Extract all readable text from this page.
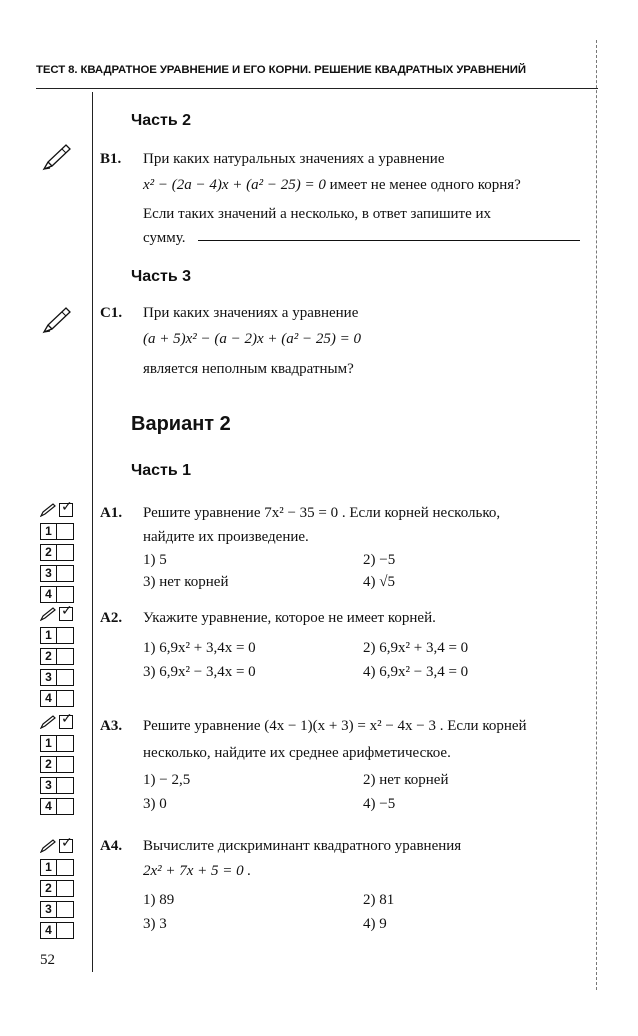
ТЕСТ 8. КВАДРАТНОЕ УРАВНЕНИЕ И ЕГО КОРНИ. РЕШЕНИЕ КВАДРАТНЫХ УРАВНЕНИЙ
Часть 2
B1. При каких натуральных значениях a уравнение
x² − (2a − 4)x + (a² − 25) = 0 имеет не менее одного корня?
Если таких значений a несколько, в ответ запишите их
сумму.
Часть 3
C1. При каких значениях a уравнение
(a + 5)x² − (a − 2)x + (a² − 25) = 0
является неполным квадратным?
Вариант 2
Часть 1
✓
1
2
3
4
A1. Решите уравнение 7x² − 35 = 0 . Если корней несколько,
найдите их произведение.
1) 5	2) −5
3) нет корней	4) √5
✓
1
2
3
4
A2. Укажите уравнение, которое не имеет корней.
1) 6,9x² + 3,4x = 0	2) 6,9x² + 3,4 = 0
3) 6,9x² − 3,4x = 0	4) 6,9x² − 3,4 = 0
✓
1
2
3
4
A3. Решите уравнение (4x − 1)(x + 3) = x² − 4x − 3 . Если корней
несколько, найдите их среднее арифметическое.
1) − 2,5	2) нет корней
3) 0	4) −5
✓
1
2
3
4
A4. Вычислите дискриминант квадратного уравнения
2x² + 7x + 5 = 0 .
1) 89	2) 81
3) 3	4) 9
52
